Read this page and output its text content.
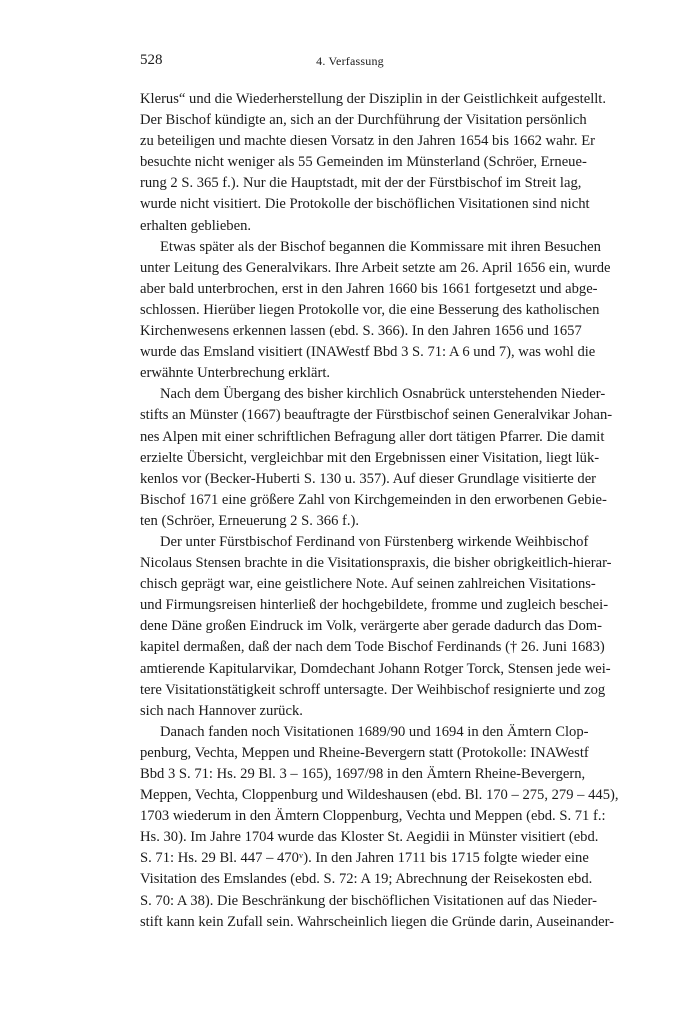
528	4. Verfassung
Klerus“ und die Wiederherstellung der Disziplin in der Geistlichkeit aufgestellt.
Der Bischof kündigte an, sich an der Durchführung der Visitation persönlich
zu beteiligen und machte diesen Vorsatz in den Jahren 1654 bis 1662 wahr. Er
besuchte nicht weniger als 55 Gemeinden im Münsterland (Schröer, Erneue-
rung 2 S. 365 f.). Nur die Hauptstadt, mit der der Fürstbischof im Streit lag,
wurde nicht visitiert. Die Protokolle der bischöflichen Visitationen sind nicht
erhalten geblieben.
Etwas später als der Bischof begannen die Kommissare mit ihren Besuchen
unter Leitung des Generalvikars. Ihre Arbeit setzte am 26. April 1656 ein, wurde
aber bald unterbrochen, erst in den Jahren 1660 bis 1661 fortgesetzt und abge-
schlossen. Hierüber liegen Protokolle vor, die eine Besserung des katholischen
Kirchenwesens erkennen lassen (ebd. S. 366). In den Jahren 1656 und 1657
wurde das Emsland visitiert (INAWestf Bbd 3 S. 71: A 6 und 7), was wohl die
erwähnte Unterbrechung erklärt.
Nach dem Übergang des bisher kirchlich Osnabrück unterstehenden Nieder-
stifts an Münster (1667) beauftragte der Fürstbischof seinen Generalvikar Johan-
nes Alpen mit einer schriftlichen Befragung aller dort tätigen Pfarrer. Die damit
erzielte Übersicht, vergleichbar mit den Ergebnissen einer Visitation, liegt lük-
kenlos vor (Becker-Huberti S. 130 u. 357). Auf dieser Grundlage visitierte der
Bischof 1671 eine größere Zahl von Kirchgemeinden in den erworbenen Gebie-
ten (Schröer, Erneuerung 2 S. 366 f.).
Der unter Fürstbischof Ferdinand von Fürstenberg wirkende Weihbischof
Nicolaus Stensen brachte in die Visitationspraxis, die bisher obrigkeitlich-hierar-
chisch geprägt war, eine geistlichere Note. Auf seinen zahlreichen Visitations-
und Firmungsreisen hinterließ der hochgebildete, fromme und zugleich beschei-
dene Däne großen Eindruck im Volk, verärgerte aber gerade dadurch das Dom-
kapitel dermaßen, daß der nach dem Tode Bischof Ferdinands († 26. Juni 1683)
amtierende Kapitularvikar, Domdechant Johann Rotger Torck, Stensen jede wei-
tere Visitationstätigkeit schroff untersagte. Der Weihbischof resignierte und zog
sich nach Hannover zurück.
Danach fanden noch Visitationen 1689/90 und 1694 in den Ämtern Clop-
penburg, Vechta, Meppen und Rheine-Bevergern statt (Protokolle: INAWestf
Bbd 3 S. 71: Hs. 29 Bl. 3 – 165), 1697/98 in den Ämtern Rheine-Bevergern,
Meppen, Vechta, Cloppenburg und Wildeshausen (ebd. Bl. 170 – 275, 279 – 445),
1703 wiederum in den Ämtern Cloppenburg, Vechta und Meppen (ebd. S. 71 f.:
Hs. 30). Im Jahre 1704 wurde das Kloster St. Aegidii in Münster visitiert (ebd.
S. 71: Hs. 29 Bl. 447 – 470ᵛ). In den Jahren 1711 bis 1715 folgte wieder eine
Visitation des Emslandes (ebd. S. 72: A 19; Abrechnung der Reisekosten ebd.
S. 70: A 38). Die Beschränkung der bischöflichen Visitationen auf das Nieder-
stift kann kein Zufall sein. Wahrscheinlich liegen die Gründe darin, Auseinander-
